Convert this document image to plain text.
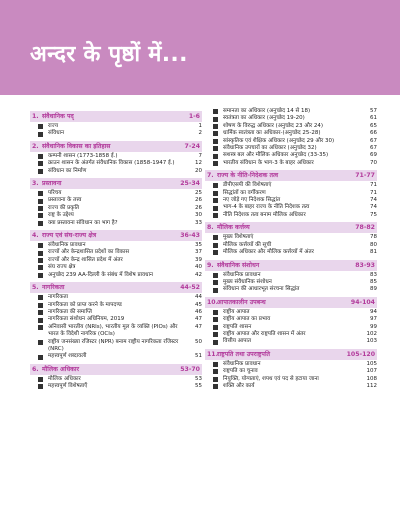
अन्दर के पृष्ठों में...
1. संवैधानिक पद्	1-6
राज्य	1
संविधान	2
2. संवैधानिक विकास का इतिहास	7-24
कम्पनी शासन (1773-1858 ई.)	7
क्राउन शासन के अंतर्गत संवैधानिक विकास (1858-1947 ई.)	12
संविधान का निर्माण	20
3. प्रस्तावना	25-34
परिचय	25
प्रस्तावना के तत्त्व	26
राज्य की प्रकृति	26
राष्ट्र के उद्देश्य	30
क्या प्रस्तावना संविधान का भाग है?	33
4. राज्य एवं संघ-राज्य क्षेत्र	36-43
संवैधानिक प्रावधान	35
राज्यों और केन्द्रशासित प्रदेशों का विकास	37
राज्यों और केन्द्र शासित प्रदेश में अंतर	39
संघ राज्य क्षेत्र	40
अनुच्छेद 239 AA-दिल्ली के संबंध में विशेष प्रावधान	42
5. नागरिकता	44-52
नागरिकता	44
नागरिकता को प्राप्त करने के मापदण्ड	45
नागरिकता की समाप्ति	46
नागरिकता संशोधन अधिनियम, 2019	47
अनिवासी भारतीय (NRIs), भारतीय मूल के व्यक्ति (PIOs) और भारत के विदेशी नागरिक (OCIs)
47
राष्ट्रीय जनसंख्या रजिस्टर (NPR) बनाम राष्ट्रीय नागरिकता रजिस्टर (NRC)
50
महत्त्वपूर्ण शब्दावली	51
6. मौलिक अधिकार	53-70
मौलिक अधिकार	53
महत्त्वपूर्ण विशेषताएँ	55
समानता का अधिकार (अनुच्छेद 14 से 18)	57
स्वतंत्रता का अधिकार (अनुच्छेद 19-20)	61
शोषण के विरुद्ध अधिकार (अनुच्छेद 23 और 24)	65
धार्मिक स्वतंत्रता का अधिकार-(अनुच्छेद 25-28)	66
सांस्कृतिक एवं शैक्षिक अधिकार (अनुच्छेद 29 और 30)	67
संवैधानिक उपचारों का अधिकार (अनुच्छेद 32)	67
सशस्त्र बल और मौलिक अधिकार अनुच्छेद (33-35)	69
भारतीय संविधान के भाग-3 के बाहर अधिकार	70
7. राज्य के नीति-निदेशक तत्व	71-77
डीपीएसपी की विशेषताएं	71
सिद्धांतों का वर्गीकरण	71
नए जोड़े गए निदेशक सिद्धांत	74
भाग-4 के बाहर राज्य के नीति निदेशक तत्व	74
नीति निदेशक तत्व बनाम मौलिक अधिकार	75
8. मौलिक कर्त्तव्य	78-82
मुख्य विशेषताएं	78
मौलिक कर्त्तव्यों की सूची	80
मौलिक अधिकार और मौलिक कर्त्तव्यों में अंतर	81
9. संवैधानिक संशोधन	83-93
संवैधानिक प्रावधान	83
मुख्य संवैधानिक संशोधन	85
संविधान की आधारभूत संरचना सिद्धांत	89
10. आपातकालीन उपबन्ध	94-104
राष्ट्रीय आपात	94
राष्ट्रीय आपात का प्रभाव	97
राष्ट्रपति शासन	99
राष्ट्रीय आपात और राष्ट्रपति शासन में अंतर	102
वित्तीय आपात	103
11. राष्ट्रपति तथा उपराष्ट्रपति	105-120
संवैधानिक प्रावधान	105
राष्ट्रपति का चुनाव	107
नियुक्ति, योग्यताएं, शपथ एवं पद से हटाया जाना	108
शक्ति और कार्य	112
